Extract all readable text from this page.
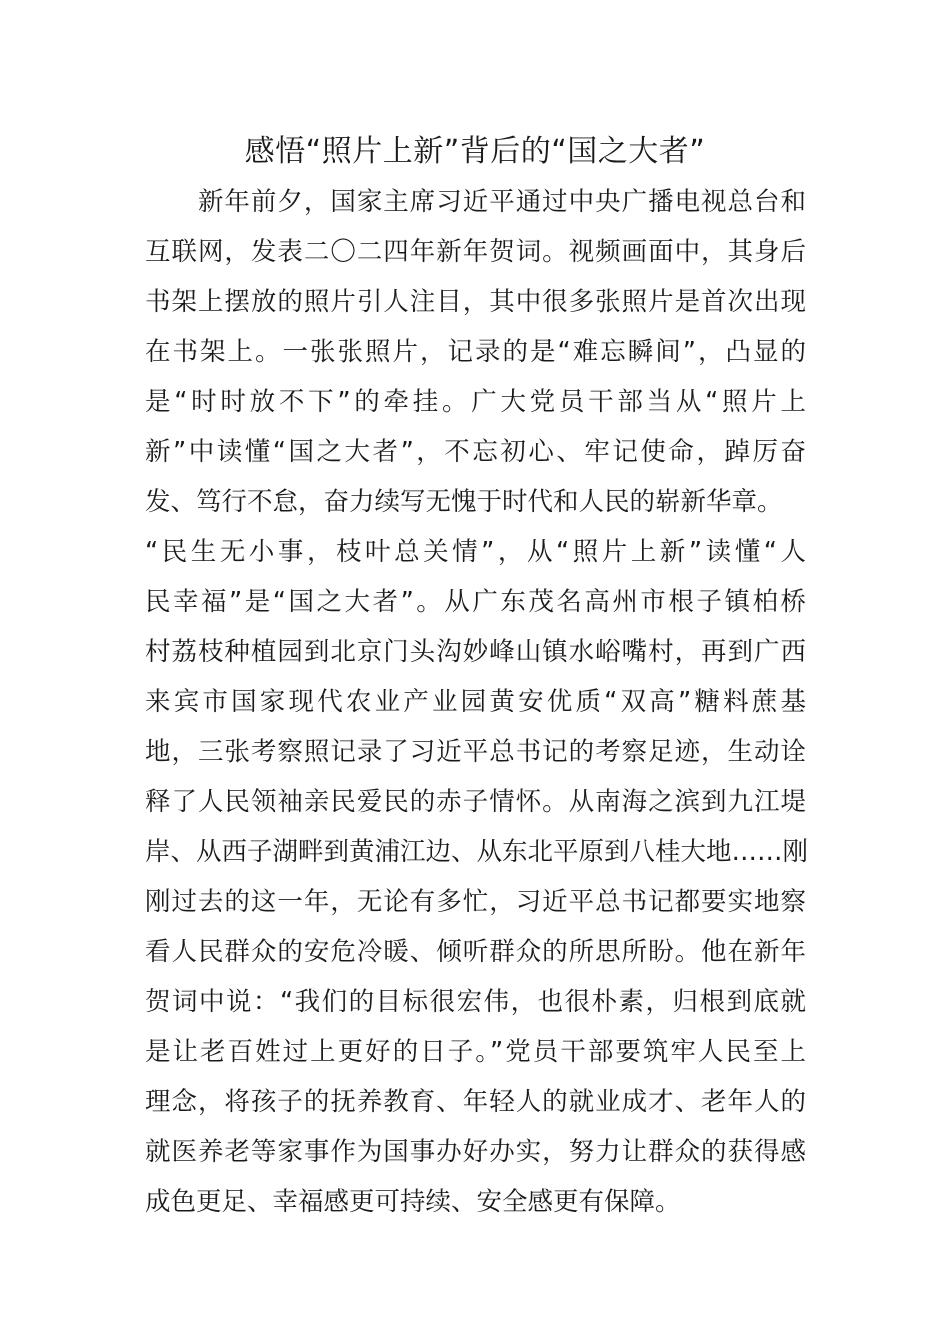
感悟“照片上新”背后的“国之大者”
　　新年前夕，国家主席习近平通过中央广播电视总台和
互联网，发表二〇二四年新年贺词。视频画面中，其身后
书架上摆放的照片引人注目，其中很多张照片是首次出现
在书架上。一张张照片，记录的是“难忘瞬间”，凸显的
是“时时放不下”的牵挂。广大党员干部当从“照片上
新”中读懂“国之大者”，不忘初心、牢记使命，踔厉奋
发、笃行不怠，奋力续写无愧于时代和人民的崭新华章。
“民生无小事，枝叶总关情”，从“照片上新”读懂“人
民幸福”是“国之大者”。从广东茂名高州市根子镇柏桥
村荔枝种植园到北京门头沟妙峰山镇水峪嘴村，再到广西
来宾市国家现代农业产业园黄安优质“双高”糖料蔗基
地，三张考察照记录了习近平总书记的考察足迹，生动诠
释了人民领袖亲民爱民的赤子情怀。从南海之滨到九江堤
岸、从西子湖畔到黄浦江边、从东北平原到八桂大地……刚
刚过去的这一年，无论有多忙，习近平总书记都要实地察
看人民群众的安危冷暖、倾听群众的所思所盼。他在新年
贺词中说：“我们的目标很宏伟，也很朴素，归根到底就
是让老百姓过上更好的日子。”党员干部要筑牢人民至上
理念，将孩子的抚养教育、年轻人的就业成才、老年人的
就医养老等家事作为国事办好办实，努力让群众的获得感
成色更足、幸福感更可持续、安全感更有保障。
